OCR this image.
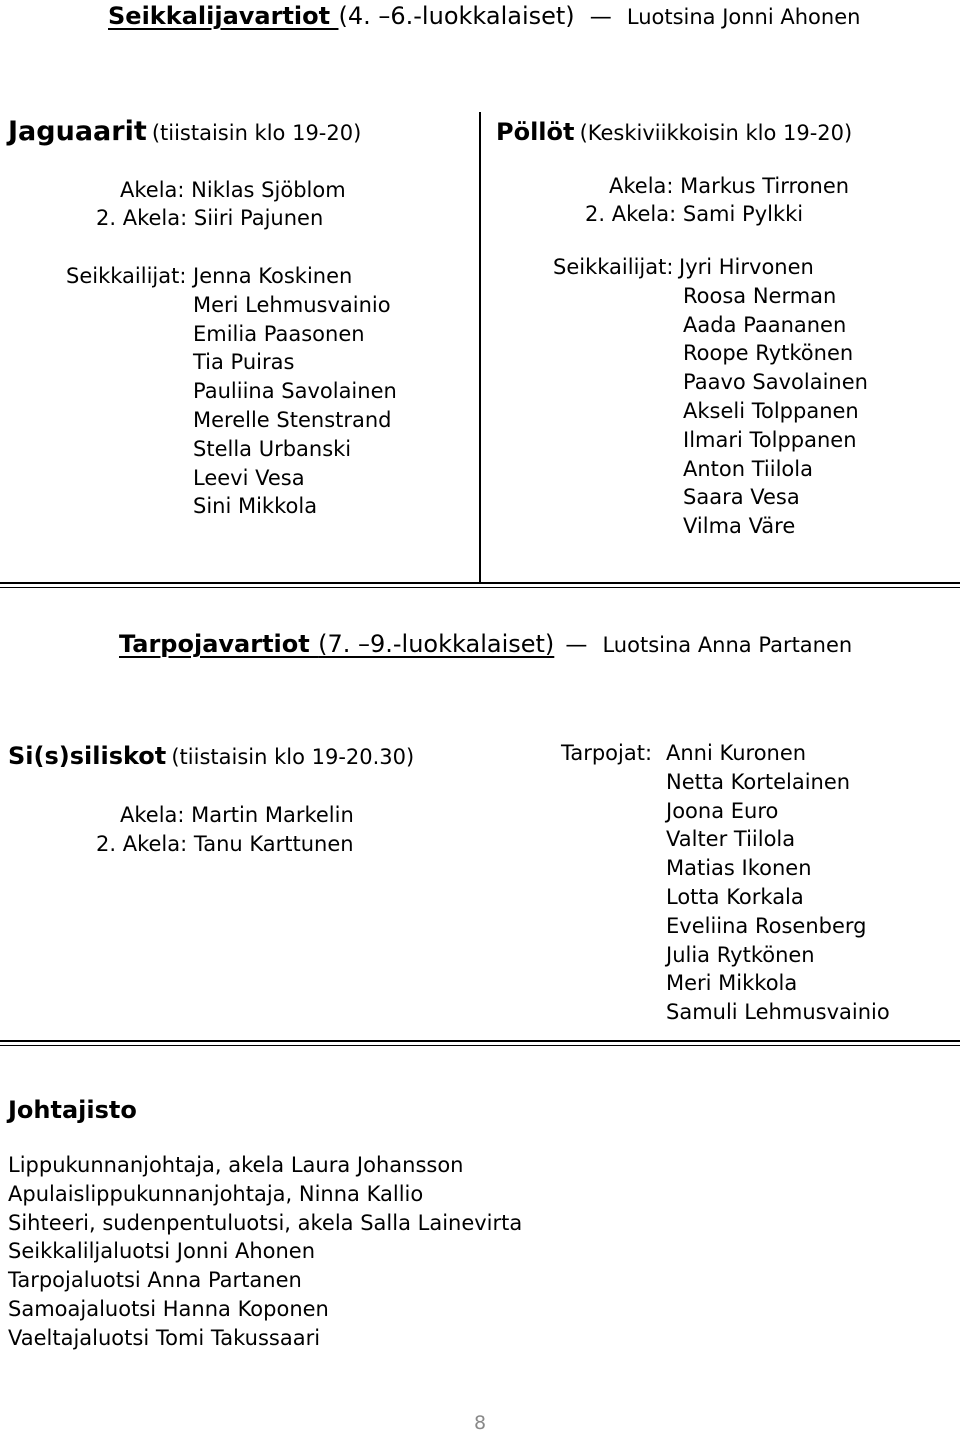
Seikkalijavartiot (4. –6.-luokkalaiset) — Luotsina Jonni Ahonen
Jaguaarit (tiistaisin klo 19-20)
Akela: Niklas Sjöblom
2. Akela: Siiri Pajunen
Seikkailijat: Jenna Koskinen
Meri Lehmusvainio
Emilia Paasonen
Tia Puiras
Pauliina Savolainen
Merelle Stenstrand
Stella Urbanski
Leevi Vesa
Sini Mikkola
Pöllöt (Keskiviikkoisin klo 19-20)
Akela: Markus Tirronen
2. Akela: Sami Pylkki
Seikkailijat: Jyri Hirvonen
Roosa Nerman
Aada Paananen
Roope Rytkönen
Paavo Savolainen
Akseli Tolppanen
Ilmari Tolppanen
Anton Tiilola
Saara Vesa
Vilma Väre
Tarpojavartiot (7. –9.-luokkalaiset) — Luotsina Anna Partanen
Si(s)siliskot (tiistaisin klo 19-20.30)
Akela: Martin Markelin
2. Akela: Tanu Karttunen
Tarpojat: Anni Kuronen
Netta Kortelainen
Joona Euro
Valter Tiilola
Matias Ikonen
Lotta Korkala
Eveliina Rosenberg
Julia Rytkönen
Meri Mikkola
Samuli Lehmusvainio
Johtajisto
Lippukunnanjohtaja, akela Laura Johansson
Apulaislippukunnanjohtaja, Ninna Kallio
Sihteeri, sudenpentuluotsi, akela Salla Lainevirta
Seikkaliljaluotsi Jonni Ahonen
Tarpojaluotsi Anna Partanen
Samoajaluotsi Hanna Koponen
Vaeltajaluotsi Tomi Takussaari
8
